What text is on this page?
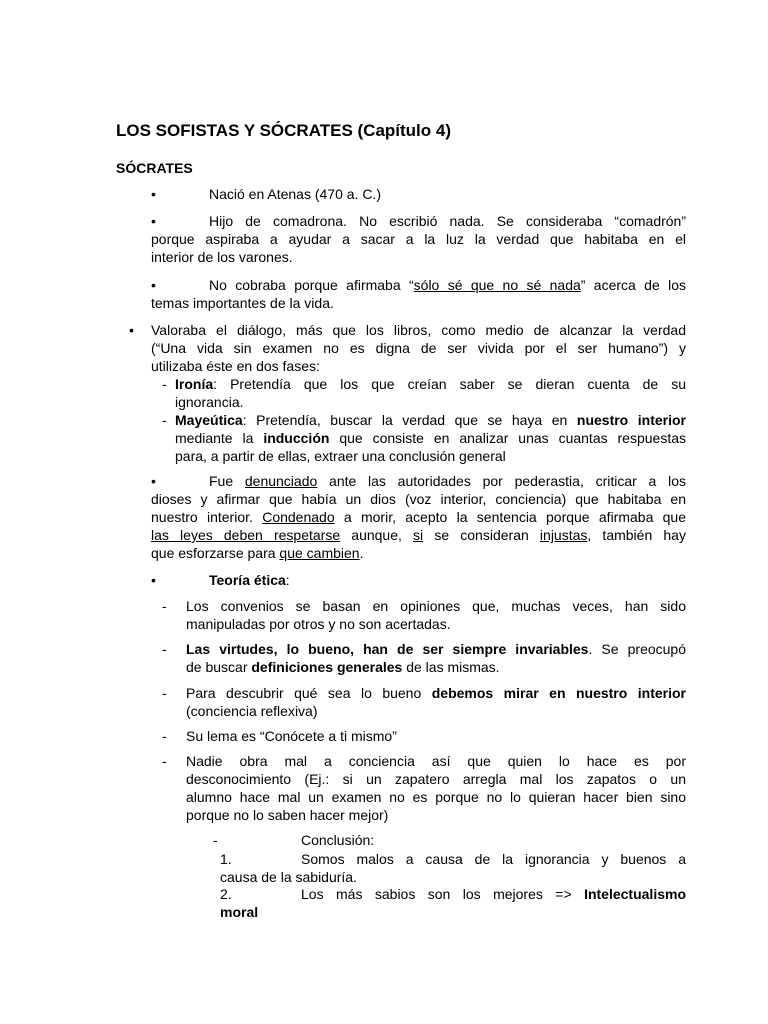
LOS SOFISTAS Y SÓCRATES (Capítulo 4)
SÓCRATES
•	Nació en Atenas (470 a. C.)
•	Hijo de comadrona. No escribió nada. Se consideraba “comadrón”
porque aspiraba a ayudar a sacar a la luz la verdad que habitaba en el
interior de los varones.
•	No cobraba porque afirmaba “sólo sé que no sé nada” acerca de los
temas importantes de la vida.
• Valoraba el diálogo, más que los libros, como medio de alcanzar la verdad
(“Una vida sin examen no es digna de ser vivida por el ser humano”) y
utilizaba éste en dos fases:
- Ironía: Pretendía que los que creían saber se dieran cuenta de su
ignorancia.
- Mayeútica: Pretendía, buscar la verdad que se haya en nuestro interior
mediante la inducción que consiste en analizar unas cuantas respuestas
para, a partir de ellas, extraer una conclusión general
•	Fue denunciado ante las autoridades por pederastia, criticar a los
dioses y afirmar que había un dios (voz interior, conciencia) que habitaba en
nuestro interior. Condenado a morir, acepto la sentencia porque afirmaba que
las leyes deben respetarse aunque, si se consideran injustas, también hay
que esforzarse para que cambien.
•	Teoría ética:
- Los convenios se basan en opiniones que, muchas veces, han sido
manipuladas por otros y no son acertadas.
- Las virtudes, lo bueno, han de ser siempre invariables. Se preocupó
de buscar definiciones generales de las mismas.
- Para descubrir qué sea lo bueno debemos mirar en nuestro interior
(conciencia reflexiva)
- Su lema es “Conócete a ti mismo”
- Nadie obra mal a conciencia así que quien lo hace es por
desconocimiento (Ej.: si un zapatero arregla mal los zapatos o un
alumno hace mal un examen no es porque no lo quieran hacer bien sino
porque no lo saben hacer mejor)
-	Conclusión:
1.	Somos malos a causa de la ignorancia y buenos a
causa de la sabiduría.
2.	Los más sabios son los mejores => Intelectualismo
moral
